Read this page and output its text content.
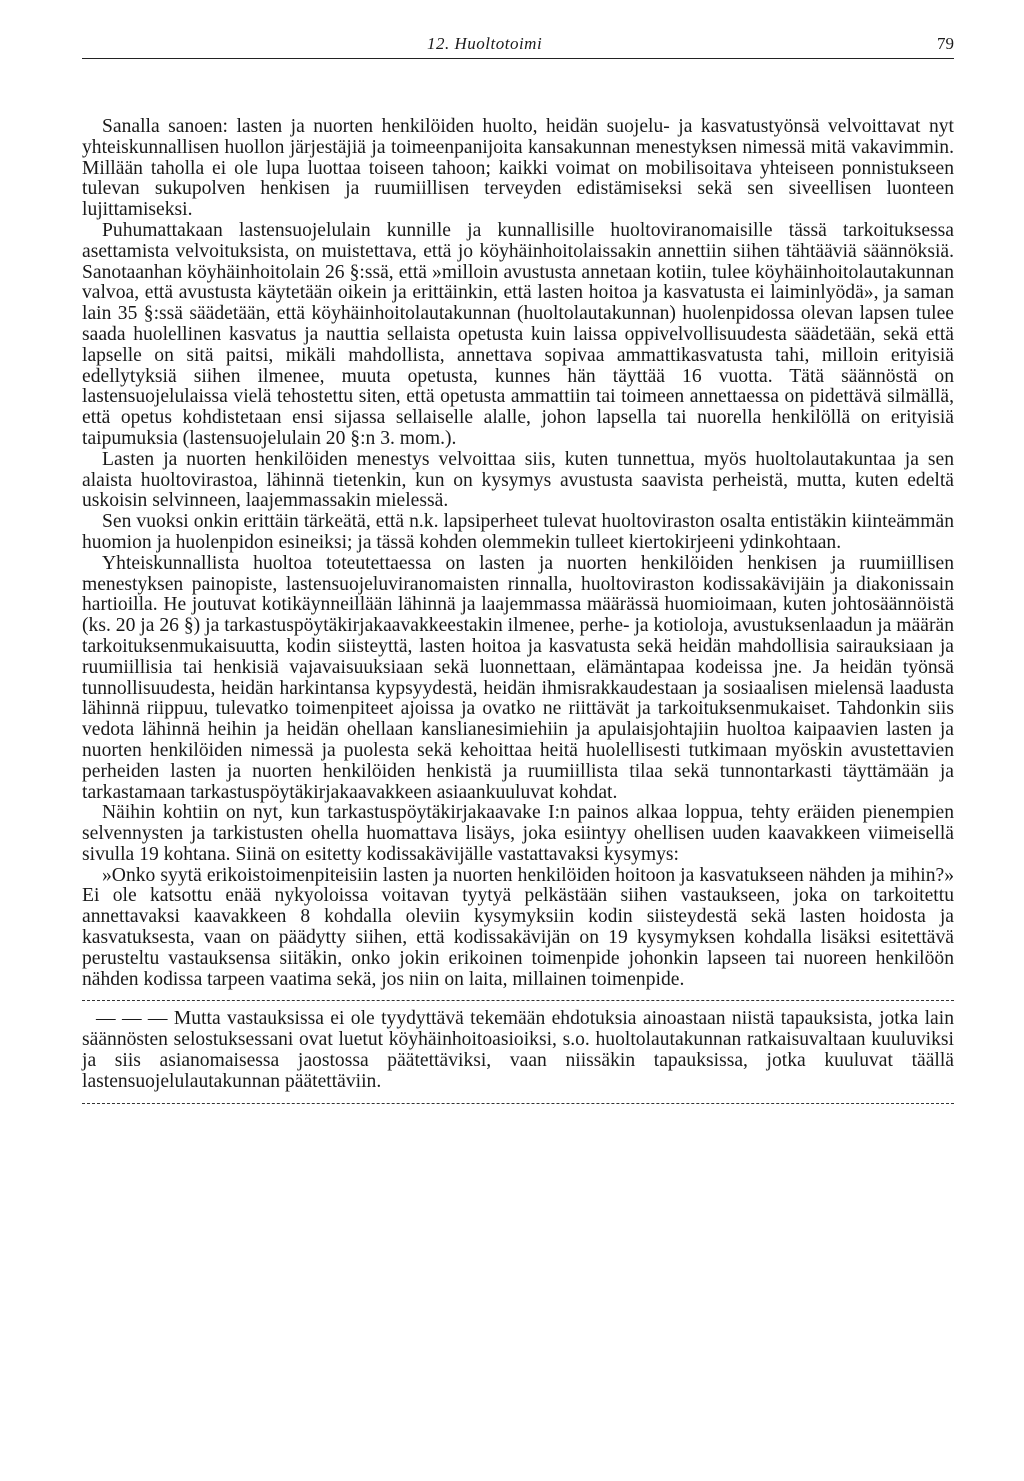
12. Huoltotoimi	79

Sanalla sanoen: lasten ja nuorten henkilöiden huolto, heidän suojelu- ja kasvatustyönsä velvoittavat nyt yhteiskunnallisen huollon järjestäjiä ja toimeenpanijoita kansakunnan menestyksen nimessä mitä vakavimmin. Millään taholla ei ole lupa luottaa toiseen tahoon; kaikki voimat on mobilisoitava yhteiseen ponnistukseen tulevan sukupolven henkisen ja ruumiillisen terveyden edistämiseksi sekä sen siveellisen luonteen lujittamiseksi.

Puhumattakaan lastensuojelulain kunnille ja kunnallisille huoltoviranomaisille tässä tarkoituksessa asettamista velvoituksista, on muistettava, että jo köyhäinhoitolaissakin annettiin siihen tähtääviä säännöksiä. Sanotaanhan köyhäinhoitolain 26 §:ssä, että »milloin avustusta annetaan kotiin, tulee köyhäinhoitolautakunnan valvoa, että avustusta käytetään oikein ja erittäinkin, että lasten hoitoa ja kasvatusta ei laiminlyödä», ja saman lain 35 §:ssä säädetään, että köyhäinhoitolautakunnan (huoltolautakunnan) huolenpidossa olevan lapsen tulee saada huolellinen kasvatus ja nauttia sellaista opetusta kuin laissa oppivelvollisuudesta säädetään, sekä että lapselle on sitä paitsi, mikäli mahdollista, annettava sopivaa ammattikasvatusta tahi, milloin erityisiä edellytyksiä siihen ilmenee, muuta opetusta, kunnes hän täyttää 16 vuotta. Tätä säännöstä on lastensuojelulaissa vielä tehostettu siten, että opetusta ammattiin tai toimeen annettaessa on pidettävä silmällä, että opetus kohdistetaan ensi sijassa sellaiselle alalle, johon lapsella tai nuorella henkilöllä on erityisiä taipumuksia (lastensuojelulain 20 §:n 3. mom.).

Lasten ja nuorten henkilöiden menestys velvoittaa siis, kuten tunnettua, myös huoltolautakuntaa ja sen alaista huoltovirastoa, lähinnä tietenkin, kun on kysymys avustusta saavista perheistä, mutta, kuten edeltä uskoisin selvinneen, laajemmassakin mielessä.

Sen vuoksi onkin erittäin tärkeätä, että n.k. lapsiperheet tulevat huoltoviraston osalta entistäkin kiinteämmän huomion ja huolenpidon esineiksi; ja tässä kohden olemmekin tulleet kiertokirjeeni ydinkohtaan.

Yhteiskunnallista huoltoa toteutettaessa on lasten ja nuorten henkilöiden henkisen ja ruumiillisen menestyksen painopiste, lastensuojeluviranomaisten rinnalla, huoltoviraston kodissakävijäin ja diakonissain hartioilla. He joutuvat kotikäynneillään lähinnä ja laajemmassa määrässä huomioimaan, kuten johtosäännöistä (ks. 20 ja 26 §) ja tarkastuspöytäkirjakaavakkeestakin ilmenee, perhe- ja kotioloja, avustuksenlaadun ja määrän tarkoituksenmukaisuutta, kodin siisteyttä, lasten hoitoa ja kasvatusta sekä heidän mahdollisia sairauksiaan ja ruumiillisia tai henkisiä vajavaisuuksiaan sekä luonnettaan, elämäntapaa kodeissa jne. Ja heidän työnsä tunnollisuudesta, heidän harkintansa kypsyydestä, heidän ihmisrakkaudestaan ja sosiaalisen mielensä laadusta lähinnä riippuu, tulevatko toimenpiteet ajoissa ja ovatko ne riittävät ja tarkoituksenmukaiset. Tahdonkin siis vedota lähinnä heihin ja heidän ohellaan kanslianesimiehiin ja apulaisjohtajiin huoltoa kaipaavien lasten ja nuorten henkilöiden nimessä ja puolesta sekä kehoittaa heitä huolellisesti tutkimaan myöskin avustettavien perheiden lasten ja nuorten henkilöiden henkistä ja ruumiillista tilaa sekä tunnontarkasti täyttämään ja tarkastamaan tarkastuspöytäkirjakaavakkeen asiaankuuluvat kohdat.

Näihin kohtiin on nyt, kun tarkastuspöytäkirjakaavake I:n painos alkaa loppua, tehty eräiden pienempien selvennysten ja tarkistusten ohella huomattava lisäys, joka esiintyy ohellisen uuden kaavakkeen viimeisellä sivulla 19 kohtana. Siinä on esitetty kodissakävijälle vastattavaksi kysymys:

»Onko syytä erikoistoimenpiteisiin lasten ja nuorten henkilöiden hoitoon ja kasvatukseen nähden ja mihin?» Ei ole katsottu enää nykyoloissa voitavan tyytyä pelkästään siihen vastaukseen, joka on tarkoitettu annettavaksi kaavakkeen 8 kohdalla oleviin kysymyksiin kodin siisteydestä sekä lasten hoidosta ja kasvatuksesta, vaan on päädytty siihen, että kodissakävijän on 19 kysymyksen kohdalla lisäksi esitettävä perusteltu vastauksensa siitäkin, onko jokin erikoinen toimenpide johonkin lapseen tai nuoreen henkilöön nähden kodissa tarpeen vaatima sekä, jos niin on laita, millainen toimenpide.

— — — Mutta vastauksissa ei ole tyydyttävä tekemään ehdotuksia ainoastaan niistä tapauksista, jotka lain säännösten selostuksessani ovat luetut köyhäinhoitoasioiksi, s.o. huoltolautakunnan ratkaisuvaltaan kuuluviksi ja siis asianomaisessa jaostossa päätettäviksi, vaan niissäkin tapauksissa, jotka kuuluvat täällä lastensuojelulautakunnan päätettäviin.
